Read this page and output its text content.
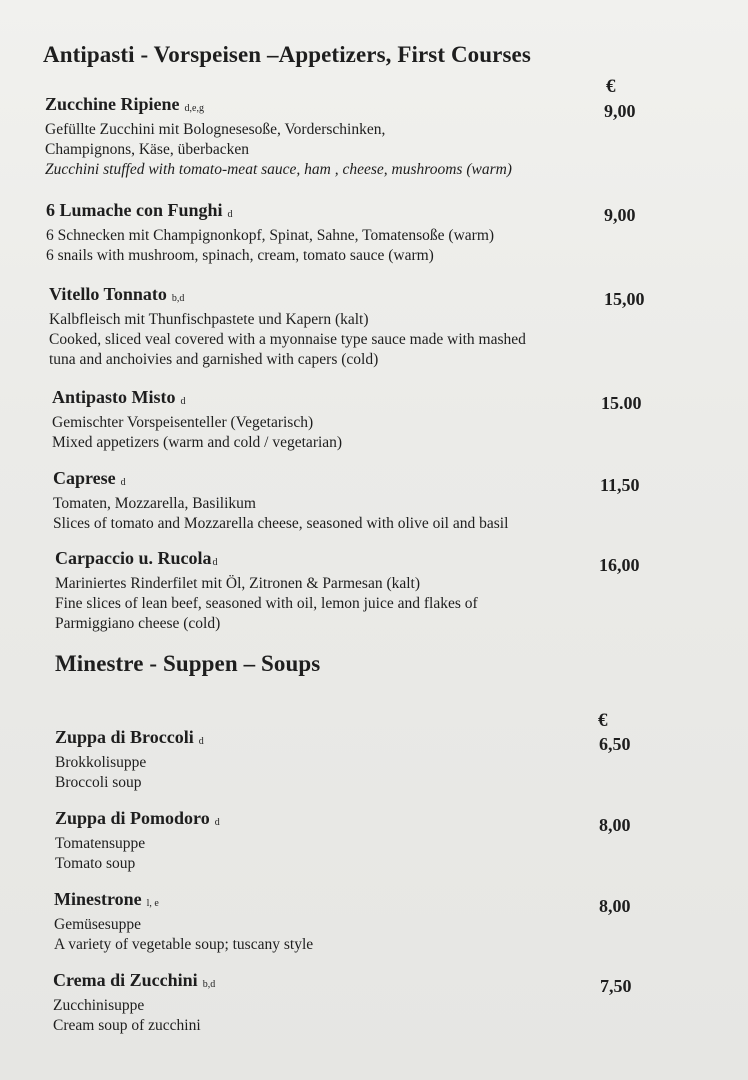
Antipasti - Vorspeisen –Appetizers, First Courses
€
Zucchine Ripiene d,e,g
Gefüllte Zucchini mit Bolognesesoße, Vorderschinken,
Champignons, Käse, überbacken
Zucchini stuffed with tomato-meat sauce, ham , cheese, mushrooms (warm)
9,00
6 Lumache con Funghi d
6 Schnecken mit Champignonkopf, Spinat, Sahne, Tomatensoße (warm)
6 snails with mushroom, spinach, cream, tomato sauce (warm)
9,00
Vitello Tonnato b,d
Kalbfleisch mit Thunfischpastete und Kapern (kalt)
Cooked, sliced veal covered with a myonnaise type sauce made with mashed
tuna and anchoivies and garnished with capers (cold)
15,00
Antipasto Misto d
Gemischter Vorspeisenteller (Vegetarisch)
Mixed appetizers (warm and cold / vegetarian)
15.00
Caprese d
Tomaten, Mozzarella, Basilikum
Slices of tomato and Mozzarella cheese, seasoned with olive oil and basil
11,50
Carpaccio u. Rucolad
Mariniertes Rinderfilet mit Öl, Zitronen & Parmesan (kalt)
Fine slices of lean beef, seasoned with oil, lemon juice and flakes of
Parmiggiano cheese (cold)
16,00
Minestre - Suppen – Soups
€
Zuppa di Broccoli d
Brokkolisuppe
Broccoli soup
6,50
Zuppa di Pomodoro d
Tomatensuppe
Tomato soup
8,00
Minestrone l, e
Gemüsesuppe
A variety of vegetable soup; tuscany style
8,00
Crema di Zucchini b,d
Zucchinisuppe
Cream soup of zucchini
7,50
